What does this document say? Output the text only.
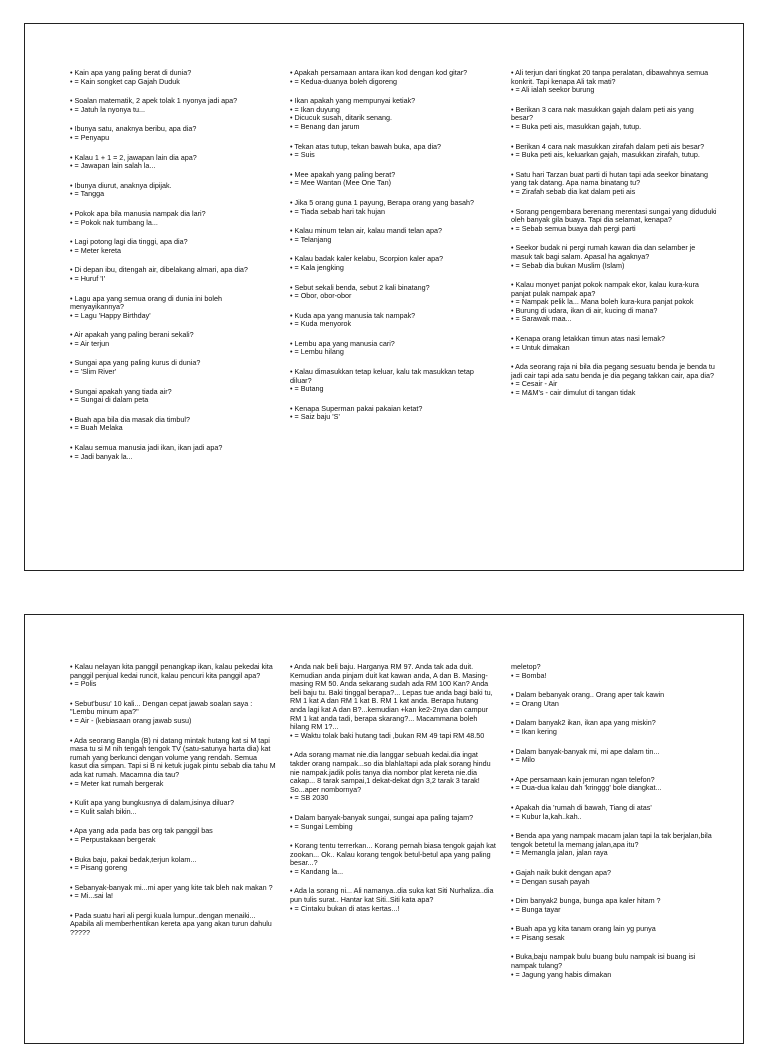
• Kain apa yang paling berat di dunia?
• = Kain songket cap Gajah Duduk
• Soalan matematik, 2 apek tolak 1 nyonya jadi apa?
• = Jatuh la nyonya tu...
• Ibunya satu, anaknya beribu, apa dia?
• = Penyapu
• Kalau 1 + 1 = 2, jawapan lain dia apa?
• = Jawapan lain salah la...
• Ibunya diurut, anaknya dipijak.
• = Tangga
• Pokok apa bila manusia nampak dia lari?
• = Pokok nak tumbang la...
• Lagi potong lagi dia tinggi, apa dia?
• = Meter kereta
• Di depan ibu, ditengah air, dibelakang almari, apa dia?
• = Huruf 'I'
• Lagu apa yang semua orang di dunia ini boleh menyayikannya?
• = Lagu 'Happy Birthday'
• Air apakah yang paling berani sekali?
• = Air terjun
• Sungai apa yang paling kurus di dunia?
• = 'Slim River'
• Sungai apakah yang tiada air?
• = Sungai di dalam peta
• Buah apa bila dia masak dia timbul?
• = Buah Melaka
• Kalau semua manusia jadi ikan, ikan jadi apa?
• = Jadi banyak la...
• Apakah persamaan antara ikan kod dengan kod gitar?
• = Kedua-duanya boleh digoreng
• Ikan apakah yang mempunyai ketiak?
• = Ikan duyung
• Dicucuk susah, ditarik senang.
• = Benang dan jarum
• Tekan atas tutup, tekan bawah buka, apa dia?
• = Suis
• Mee apakah yang paling berat?
• = Mee Wantan (Mee One Tan)
• Jika 5 orang guna 1 payung, Berapa orang yang basah?
• = Tiada sebab hari tak hujan
• Kalau minum telan air, kalau mandi telan apa?
• = Telanjang
• Kalau badak kaler kelabu, Scorpion kaler apa?
• = Kala jengking
• Sebut sekali benda, sebut 2 kali binatang?
• = Obor, obor-obor
• Kuda apa yang manusia tak nampak?
• = Kuda menyorok
• Lembu apa yang manusia cari?
• = Lembu hilang
• Kalau dimasukkan tetap keluar, kalu tak masukkan tetap diluar?
• = Butang
• Kenapa Superman pakai pakaian ketat?
• = Saiz baju 'S'
• Ali terjun dari tingkat 20 tanpa peralatan, dibawahnya semua konkrit. Tapi kenapa Ali tak mati?
• = Ali ialah seekor burung
• Berikan 3 cara nak masukkan gajah dalam peti ais yang besar?
• = Buka peti ais, masukkan gajah, tutup.
• Berikan 4 cara nak masukkan zirafah dalam peti ais besar?
• = Buka peti ais, keluarkan gajah, masukkan zirafah, tutup.
• Satu hari Tarzan buat parti di hutan tapi ada seekor binatang yang tak datang. Apa nama binatang tu?
• = Zirafah sebab dia kat dalam peti ais
• Sorang pengembara berenang merentasi sungai yang diduduki oleh banyak gila buaya. Tapi dia selamat, kenapa?
• = Sebab semua buaya dah pergi parti
• Seekor budak ni pergi rumah kawan dia dan selamber je masuk tak bagi salam. Apasal ha agaknya?
• = Sebab dia bukan Muslim (Islam)
• Kalau monyet panjat pokok nampak ekor, kalau kura-kura panjat pulak nampak apa?
• = Nampak pelik la... Mana boleh kura-kura panjat pokok
• Burung di udara, ikan di air, kucing di mana?
• = Sarawak maa...
• Kenapa orang letakkan timun atas nasi lemak?
• = Untuk dimakan
• Ada seorang raja ni bila dia pegang sesuatu benda je benda tu jadi cair tapi ada satu benda je dia pegang takkan cair, apa dia?
• = Cesair - Air
• = M&M's - cair dimulut di tangan tidak
• Kalau nelayan kita panggil penangkap ikan, kalau pekedai kita panggil penjual kedai runcit, kalau pencuri kita panggil apa?
• = Polis
• Sebut'busu' 10 kali... Dengan cepat jawab soalan saya : "Lembu minum apa?"
• = Air - (kebiasaan orang jawab susu)
• Ada seorang Bangla (B) ni datang mintak hutang kat si M tapi masa tu si M nih tengah tengok TV (satu-satunya harta dia) kat rumah yang berkunci dengan volume yang rendah. Semua kasut dia simpan. Tapi si B ni ketuk jugak pintu sebab dia tahu M ada kat rumah. Macamna dia tau?
• = Meter kat rumah bergerak
• Kulit apa yang bungkusnya di dalam,isinya diluar?
• = Kulit salah bikin...
• Apa yang ada pada bas org tak panggil bas
• = Perpustakaan bergerak
• Buka baju, pakai bedak,terjun kolam...
• = Pisang goreng
• Sebanyak-banyak mi...mi aper yang kite tak bleh nak makan ?
• = Mi...sai la!
• Pada suatu hari ali pergi kuala lumpur..dengan menaiki... Apabila ali memberhentikan kereta apa yang akan turun dahulu ?????
• Anda nak beli baju. Harganya RM 97. Anda tak ada duit. Kemudian anda pinjam duit kat kawan anda, A dan B. Masing-masing RM 50. Anda sekarang sudah ada RM 100 Kan? Anda beli baju tu. Baki tinggal berapa?... Lepas tue anda bagi baki tu, RM 1 kat A dan RM 1 kat B. RM 1 kat anda. Berapa hutang anda lagi kat A dan B?...kemudian +kan ke2-2nya dan campur RM 1 kat anda tadi, berapa skarang?... Macammana boleh hilang RM 1?...
• = Waktu tolak baki hutang tadi ,bukan RM 49 tapi RM 48.50
• Ada sorang mamat nie.dia langgar sebuah kedai.dia ingat takder orang nampak...so dia blahla!tapi ada plak sorang hindu nie nampak.jadik polis tanya dia nombor plat kereta nie.dia cakap... 8 tarak sampai,1 dekat-dekat dgn 3,2 tarak 3 tarak! So...aper nombornya?
• = SB 2030
• Dalam banyak-banyak sungai, sungai apa paling tajam?
• = Sungai Lembing
• Korang tentu terrerkan... Korang pernah biasa tengok gajah kat zookan... Ok.. Kalau korang tengok betul-betul apa yang paling besar...?
• = Kandang la...
• Ada la sorang ni... Ali namanya..dia suka kat Siti Nurhaliza..dia pun tulis surat.. Hantar kat Siti..Siti kata apa?
• = Cintaku bukan di atas kertas...!
meletop?
• = Bomba!
• Dalam bebanyak orang.. Orang aper tak kawin
• = Orang Utan
• Dalam banyak2 ikan, ikan apa yang miskin?
• = Ikan kering
• Dalam banyak-banyak mi, mi ape dalam tin...
• = Milo
• Ape persamaan kain jemuran ngan telefon?
• = Dua-dua kalau dah 'kringgg' bole diangkat...
• Apakah dia 'rumah di bawah, Tiang di atas'
• = Kubur la,kah..kah..
• Benda apa yang nampak macam jalan tapi la tak berjalan,bila tengok betetul la memang jalan,apa itu?
• = Memangla jalan, jalan raya
• Gajah naik bukit dengan apa?
• = Dengan susah payah
• Dim banyak2 bunga, bunga apa kaler hitam ?
• = Bunga tayar
• Buah apa yg kita tanam orang lain yg punya
• = Pisang sesak
• Buka,baju nampak bulu buang bulu nampak isi buang isi nampak tulang?
• = Jagung yang habis dimakan
